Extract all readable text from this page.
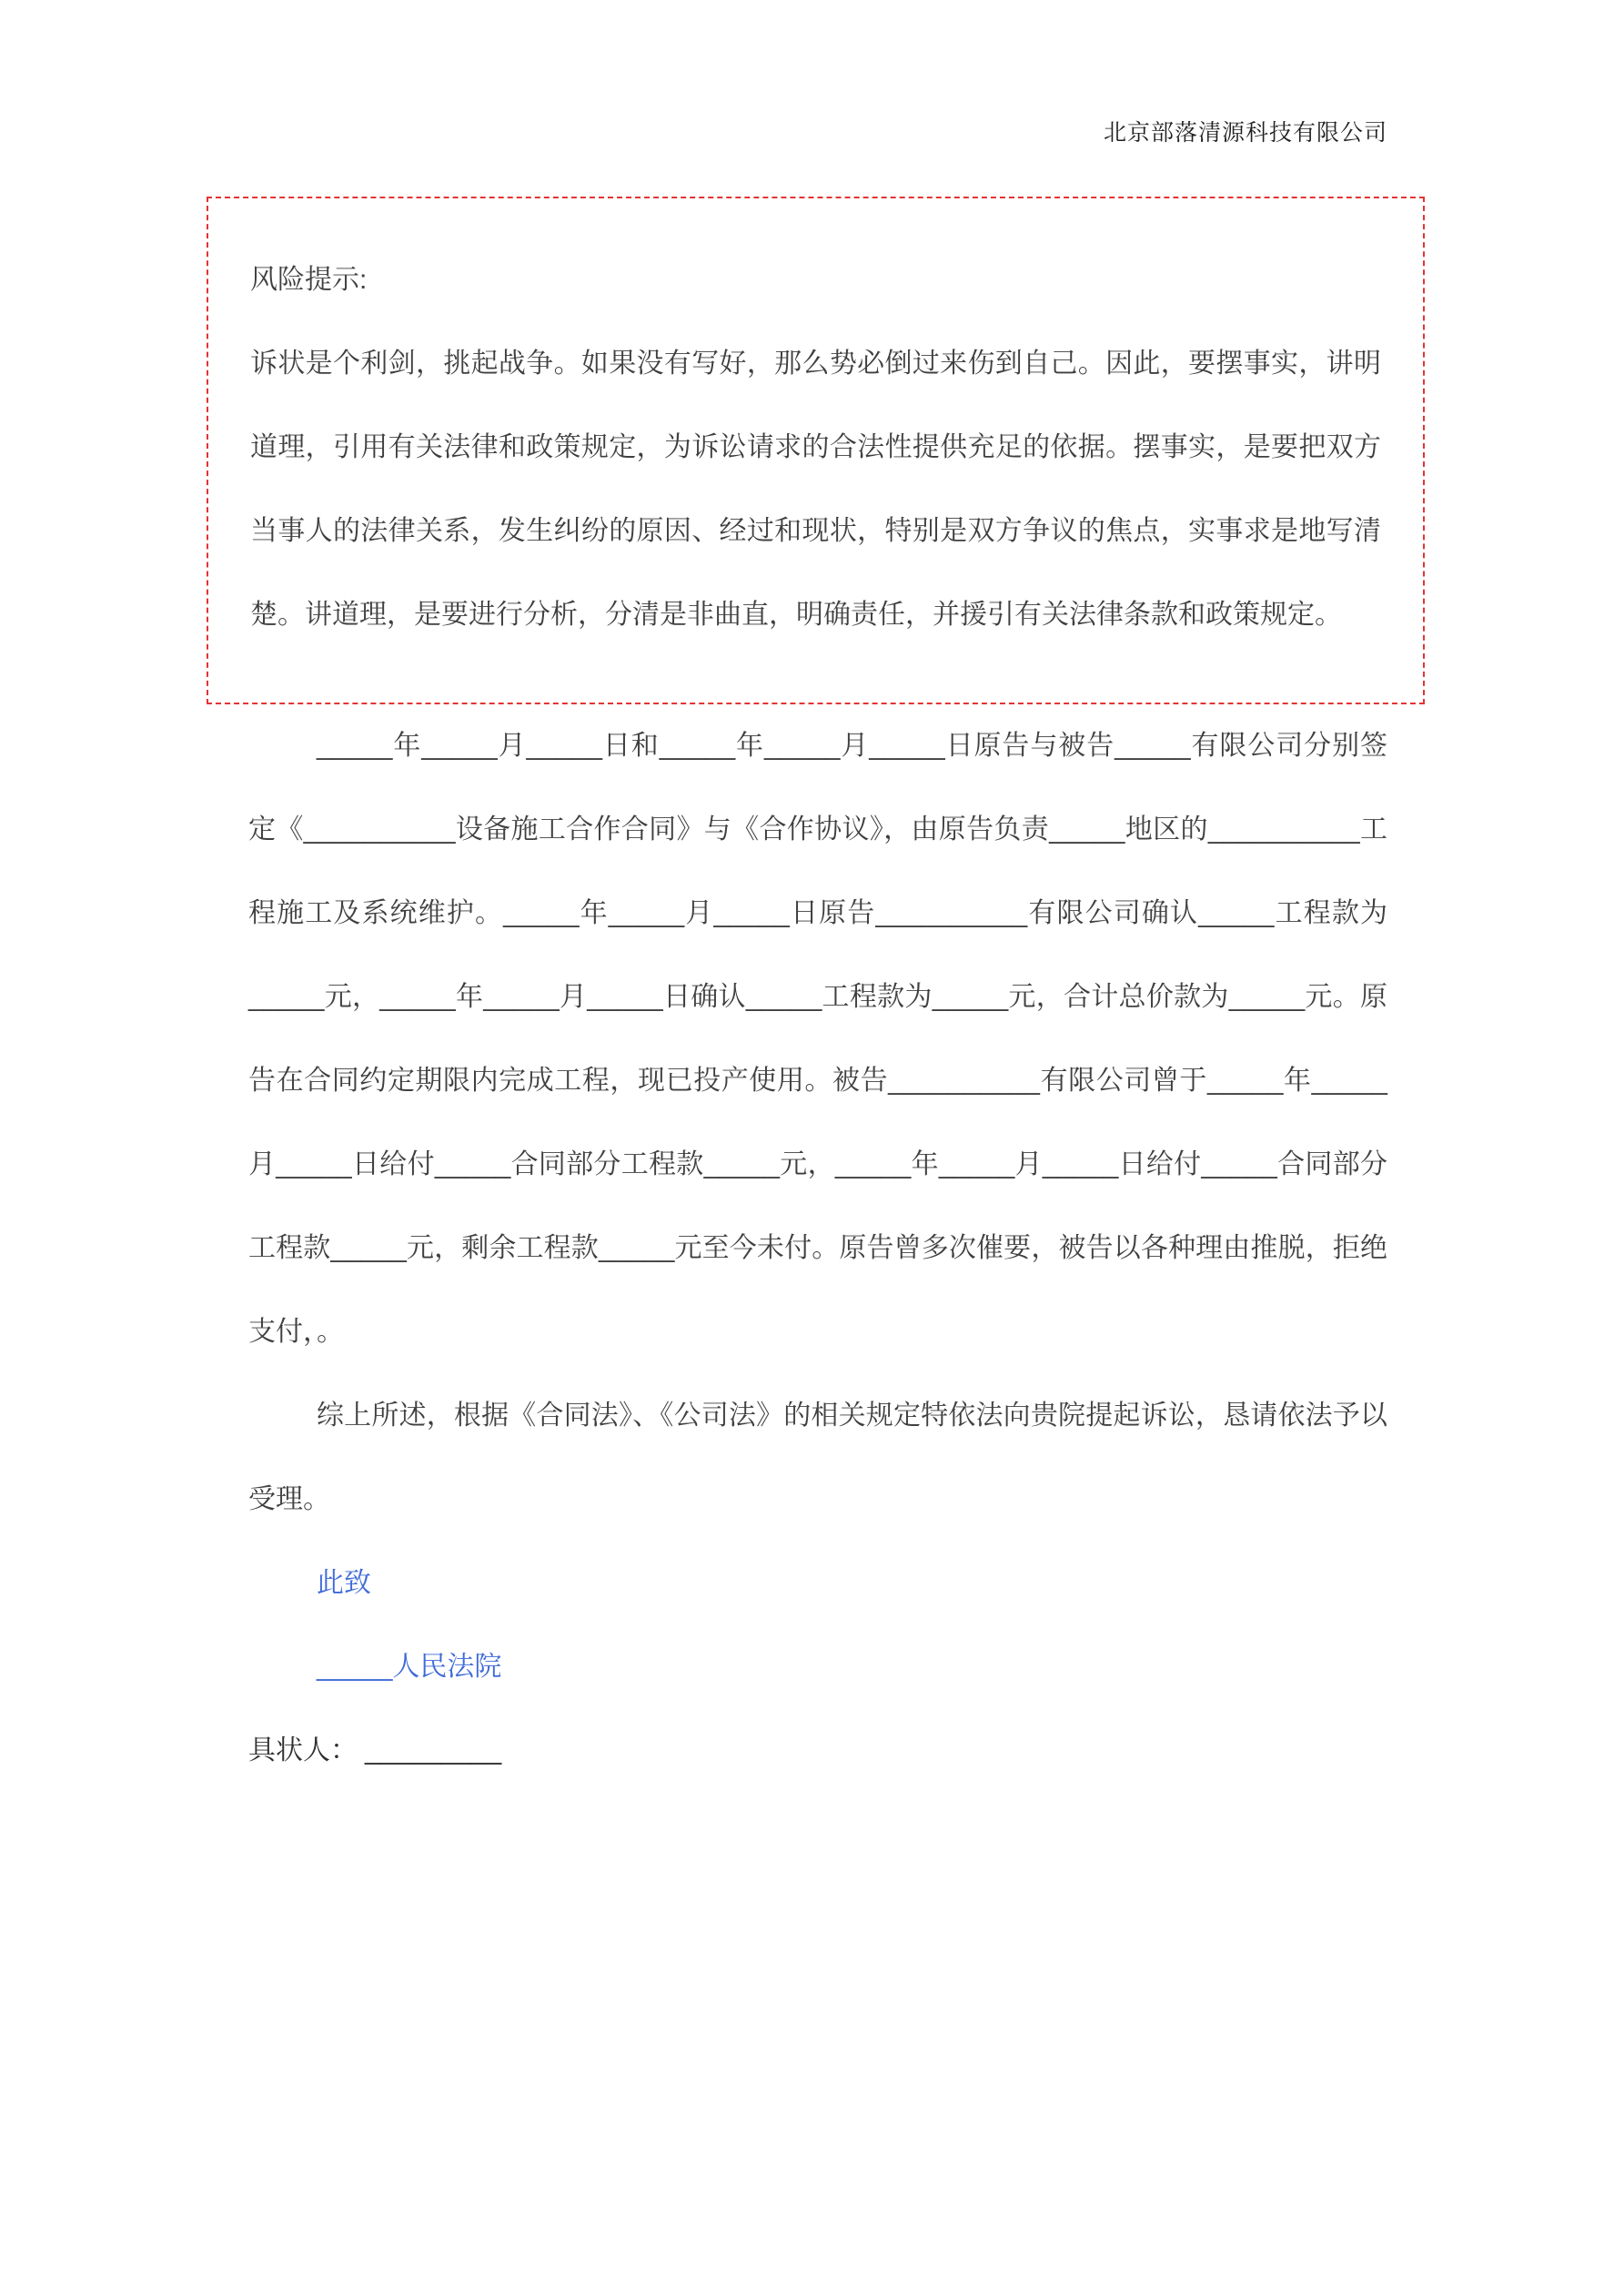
北京部落清源科技有限公司

风险提示:

诉状是个利剑，挑起战争。如果没有写好，那么势必倒过来伤到自己。因此，要摆事实，讲明道理，引用有关法律和政策规定，为诉讼请求的合法性提供充足的依据。摆事实，是要把双方当事人的法律关系，发生纠纷的原因、经过和现状，特别是双方争议的焦点，实事求是地写清楚。讲道理，是要进行分析，分清是非曲直，明确责任，并援引有关法律条款和政策规定。

_____年_____月_____日和_____年_____月_____日原告与被告_____有限公司分别签定《__________设备施工合作合同》与《合作协议》，由原告负责_____地区的__________工程施工及系统维护。_____年_____月_____日原告__________有限公司确认_____工程款为_____元，_____年_____月_____日确认_____工程款为_____元，合计总价款为_____元。原告在合同约定期限内完成工程，现已投产使用。被告__________有限公司曾于_____年_____月_____日给付_____合同部分工程款_____元，_____年_____月_____日给付_____合同部分工程款_____元，剩余工程款_____元至今未付。原告曾多次催要，被告以各种理由推脱，拒绝支付，。

综上所述，根据《合同法》、《公司法》的相关规定特依法向贵院提起诉讼，恳请依法予以受理。

此致

_____人民法院

具状人： _________
